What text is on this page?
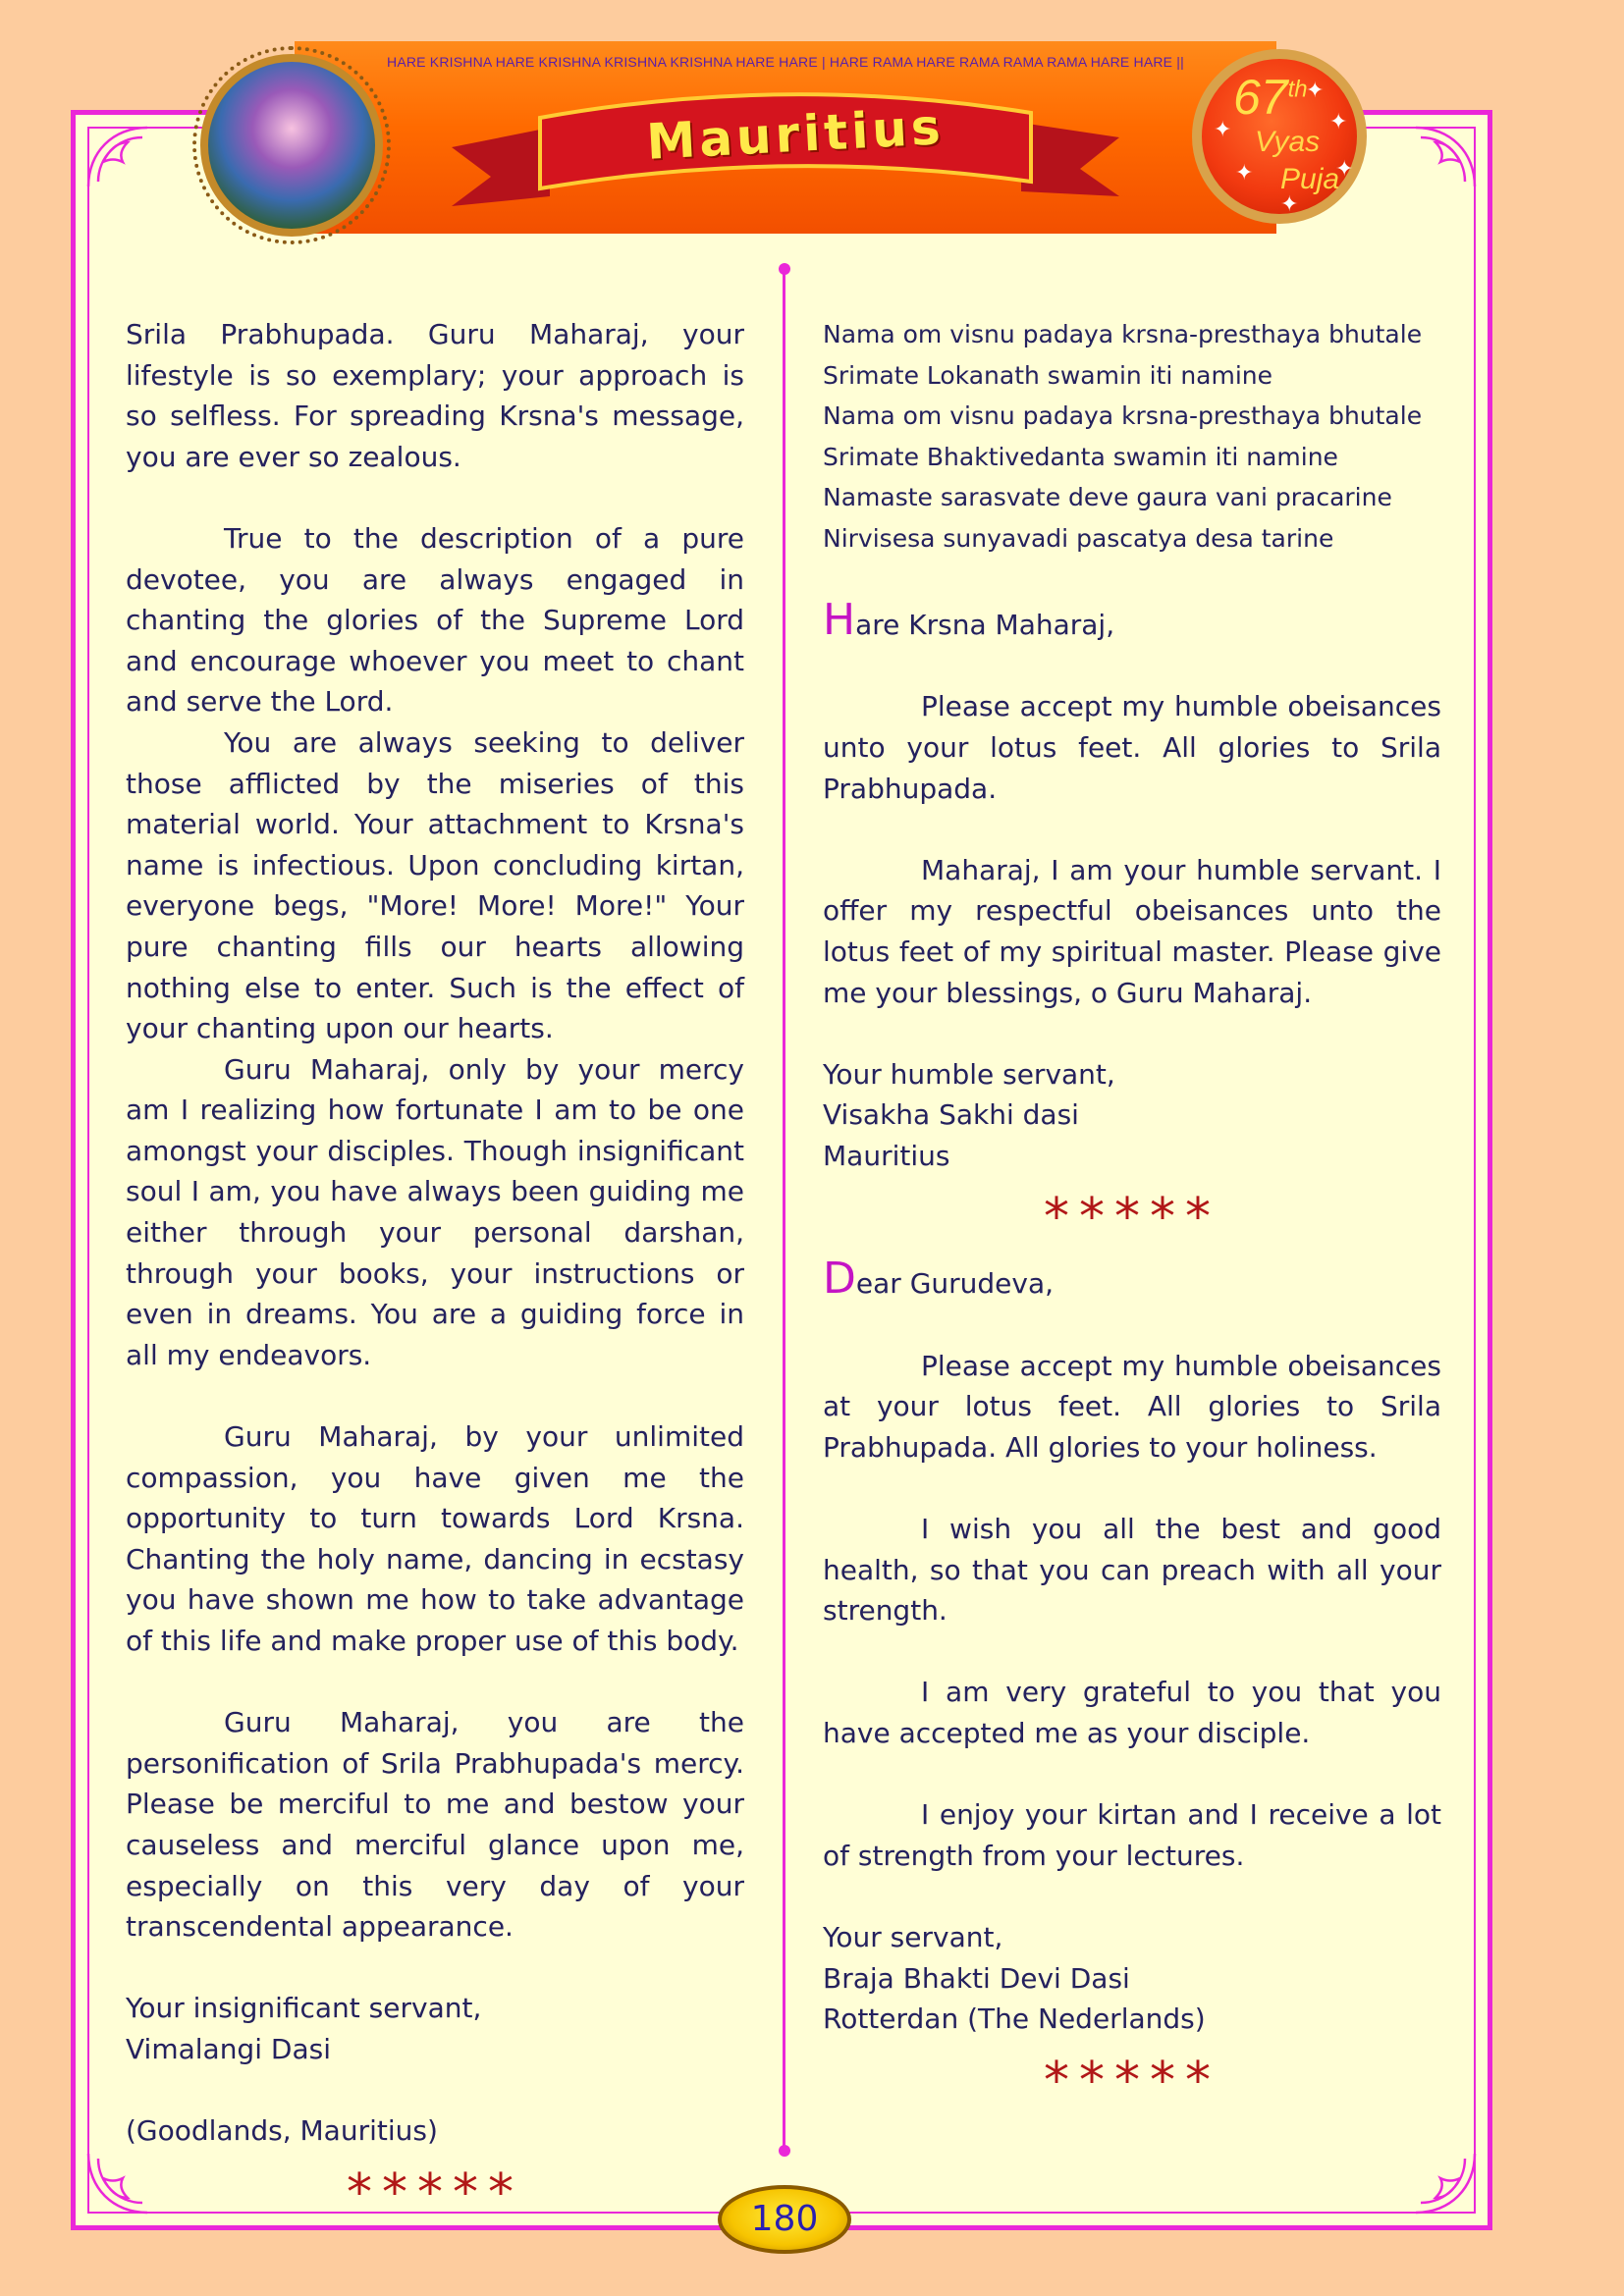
HARE KRISHNA HARE KRISHNA KRISHNA KRISHNA HARE HARE | HARE RAMA HARE RAMA RAMA RAMA HARE HARE ||
Mauritius
67th
Vyas
Puja
✦
✦
✦
✦	✦
✦

Srila Prabhupada. Guru Maharaj, your lifestyle is so exemplary; your approach is so selfless. For spreading Krsna's message, you are ever so zealous.

True to the description of a pure devotee, you are always engaged in chanting the glories of the Supreme Lord and encourage whoever you meet to chant and serve the Lord.

You are always seeking to deliver those afflicted by the miseries of this material world. Your attachment to Krsna's name is infectious. Upon concluding kirtan, everyone begs, "More! More! More!" Your pure chanting fills our hearts allowing nothing else to enter. Such is the effect of your chanting upon our hearts.

Guru Maharaj, only by your mercy am I realizing how fortunate I am to be one amongst your disciples. Though insignificant soul I am, you have always been guiding me either through your personal darshan, through your books, your instructions or even in dreams. You are a guiding force in all my endeavors.

Guru Maharaj, by your unlimited compassion, you have given me the opportunity to turn towards Lord Krsna. Chanting the holy name, dancing in ecstasy you have shown me how to take advantage of this life and make proper use of this body.

Guru Maharaj, you are the personification of Srila Prabhupada's mercy. Please be merciful to me and bestow your causeless and merciful glance upon me, especially on this very day of your transcendental appearance.

Your insignificant servant,

Vimalangi Dasi

(Goodlands, Mauritius)

*****

Nama om visnu padaya krsna-presthaya bhutale

Srimate Lokanath swamin iti namine

Nama om visnu padaya krsna-presthaya bhutale

Srimate Bhaktivedanta swamin iti namine

Namaste sarasvate deve gaura vani pracarine

Nirvisesa sunyavadi pascatya desa tarine

Hare Krsna Maharaj,

Please accept my humble obeisances unto your lotus feet. All glories to Srila Prabhupada.

Maharaj, I am your humble servant. I offer my respectful obeisances unto the lotus feet of my spiritual master. Please give me your blessings, o Guru Maharaj.

Your humble servant,

Visakha Sakhi dasi

Mauritius

*****

Dear Gurudeva,

Please accept my humble obeisances at your lotus feet. All glories to Srila Prabhupada. All glories to your holiness.

I wish you all the best and good health, so that you can preach with all your strength.

I am very grateful to you that you have accepted me as your disciple.

I enjoy your kirtan and I receive a lot of strength from your lectures.

Your servant,

Braja Bhakti Devi Dasi

Rotterdan (The Nederlands)

*****
180
